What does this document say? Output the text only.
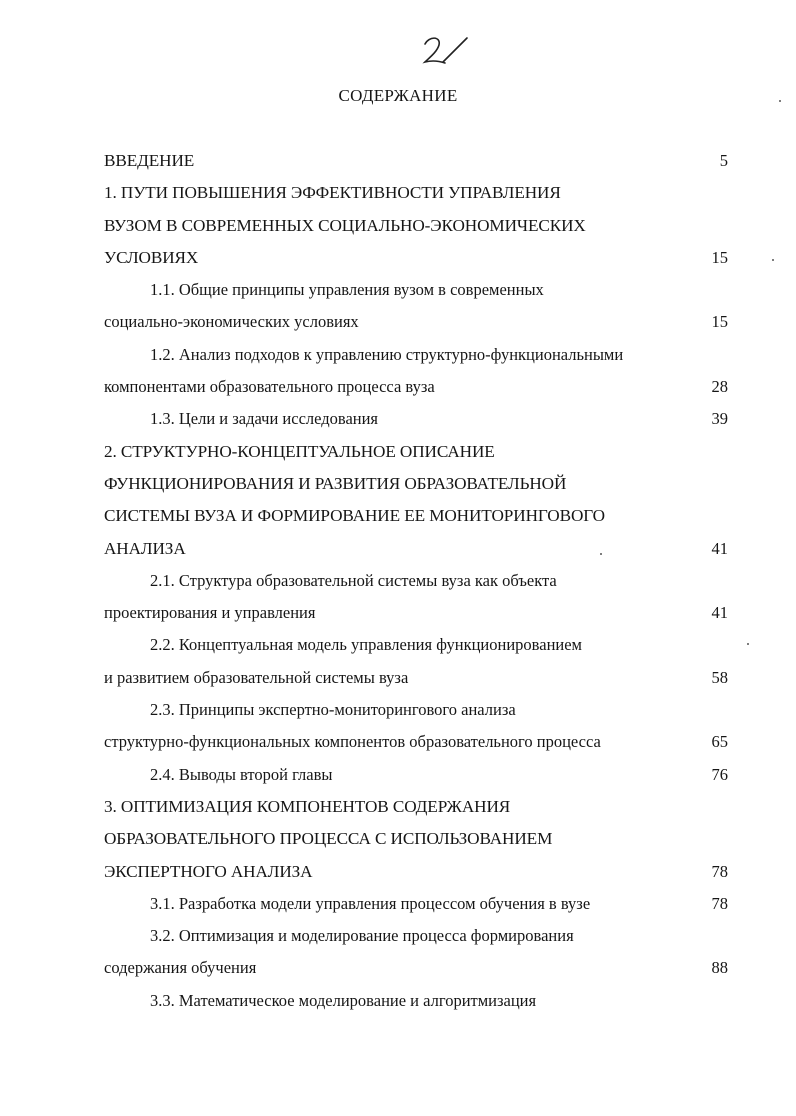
СОДЕРЖАНИЕ
ВВЕДЕНИЕ	5
1. ПУТИ ПОВЫШЕНИЯ ЭФФЕКТИВНОСТИ УПРАВЛЕНИЯ
ВУЗОМ В СОВРЕМЕННЫХ СОЦИАЛЬНО-ЭКОНОМИЧЕСКИХ
УСЛОВИЯХ	15
1.1. Общие принципы управления вузом в современных
социально-экономических условиях	15
1.2. Анализ подходов к управлению структурно-функциональными
компонентами образовательного процесса вуза	28
1.3. Цели и задачи исследования	39
2. СТРУКТУРНО-КОНЦЕПТУАЛЬНОЕ ОПИСАНИЕ
ФУНКЦИОНИРОВАНИЯ И РАЗВИТИЯ ОБРАЗОВАТЕЛЬНОЙ
СИСТЕМЫ ВУЗА И ФОРМИРОВАНИЕ ЕЕ МОНИТОРИНГОВОГО
АНАЛИЗА	41
2.1. Структура образовательной системы вуза как объекта
проектирования и управления	41
2.2. Концептуальная модель управления функционированием
и развитием образовательной системы вуза	58
2.3. Принципы экспертно-мониторингового анализа
структурно-функциональных компонентов образовательного процесса	65
2.4. Выводы второй главы	76
3. ОПТИМИЗАЦИЯ КОМПОНЕНТОВ СОДЕРЖАНИЯ
ОБРАЗОВАТЕЛЬНОГО ПРОЦЕССА С ИСПОЛЬЗОВАНИЕМ
ЭКСПЕРТНОГО АНАЛИЗА	78
3.1. Разработка модели управления процессом обучения в вузе	78
3.2. Оптимизация и моделирование процесса формирования
содержания обучения	88
3.3. Математическое моделирование и алгоритмизация
